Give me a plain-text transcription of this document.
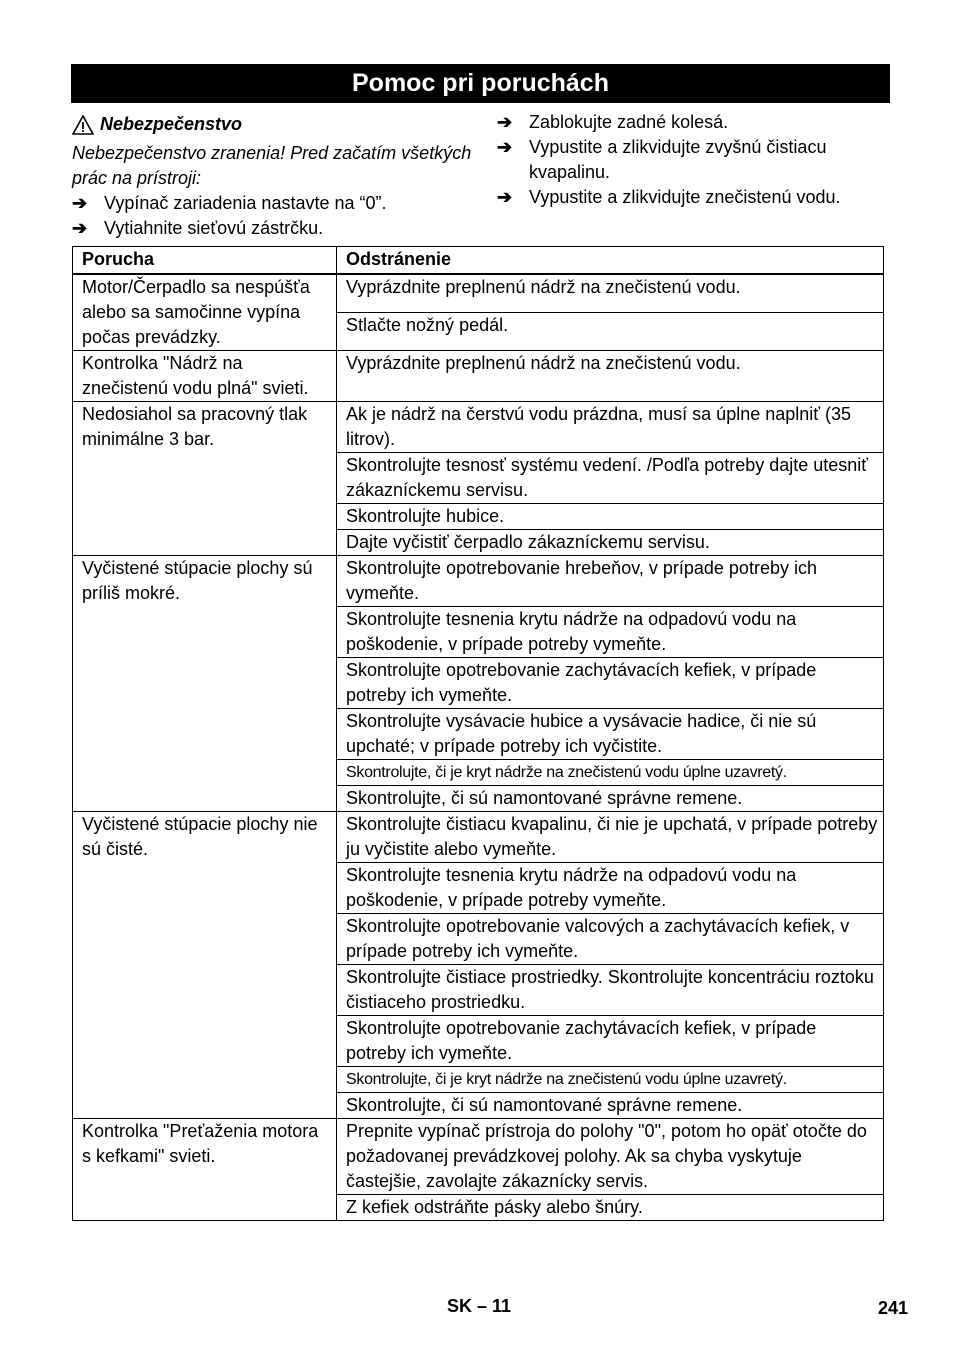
Pomoc pri poruchách
Nebezpečenstvo
Nebezpečenstvo zranenia! Pred začatím všetkých prác na prístroji:
➔ Vypínač zariadenia nastavte na “0”.
➔ Vytiahnite sieťovú zástrčku.
➔ Zablokujte zadné kolesá.
➔ Vypustite a zlikvidujte zvyšnú čistiacu kvapalinu.
➔ Vypustite a zlikvidujte znečistenú vodu.
Porucha	Odstránenie
Motor/Čerpadlo sa nespúšťa alebo sa samočinne vypína počas prevádzky.	Vyprázdnite preplnenú nádrž na znečistenú vodu.
	Stlačte nožný pedál.
Kontrolka "Nádrž na znečistenú vodu plná" svieti.	Vyprázdnite preplnenú nádrž na znečistenú vodu.
Nedosiahol sa pracovný tlak minimálne 3 bar.	Ak je nádrž na čerstvú vodu prázdna, musí sa úplne naplniť (35 litrov).
	Skontrolujte tesnosť systému vedení. /Podľa potreby dajte utesniť zákazníckemu servisu.
	Skontrolujte hubice.
	Dajte vyčistiť čerpadlo zákazníckemu servisu.
Vyčistené stúpacie plochy sú príliš mokré.	Skontrolujte opotrebovanie hrebeňov, v prípade potreby ich vymeňte.
	Skontrolujte tesnenia krytu nádrže na odpadovú vodu na poškodenie, v prípade potreby vymeňte.
	Skontrolujte opotrebovanie zachytávacích kefiek, v prípade potreby ich vymeňte.
	Skontrolujte vysávacie hubice a vysávacie hadice, či nie sú upchaté; v prípade potreby ich vyčistite.
	Skontrolujte, či je kryt nádrže na znečistenú vodu úplne uzavretý.
	Skontrolujte, či sú namontované správne remene.
Vyčistené stúpacie plochy nie sú čisté.	Skontrolujte čistiacu kvapalinu, či nie je upchatá, v prípade potreby ju vyčistite alebo vymeňte.
	Skontrolujte tesnenia krytu nádrže na odpadovú vodu na poškodenie, v prípade potreby vymeňte.
	Skontrolujte opotrebovanie valcových a zachytávacích kefiek, v prípade potreby ich vymeňte.
	Skontrolujte čistiace prostriedky. Skontrolujte koncentráciu roztoku čistiaceho prostriedku.
	Skontrolujte opotrebovanie zachytávacích kefiek, v prípade potreby ich vymeňte.
	Skontrolujte, či je kryt nádrže na znečistenú vodu úplne uzavretý.
	Skontrolujte, či sú namontované správne remene.
Kontrolka "Preťaženia motora s kefkami" svieti.	Prepnite vypínač prístroja do polohy "0", potom ho opäť otočte do požadovanej prevádzkovej polohy. Ak sa chyba vyskytuje častejšie, zavolajte zákaznícky servis.
	Z kefiek odstráňte pásky alebo šnúry.
SK – 11	241
